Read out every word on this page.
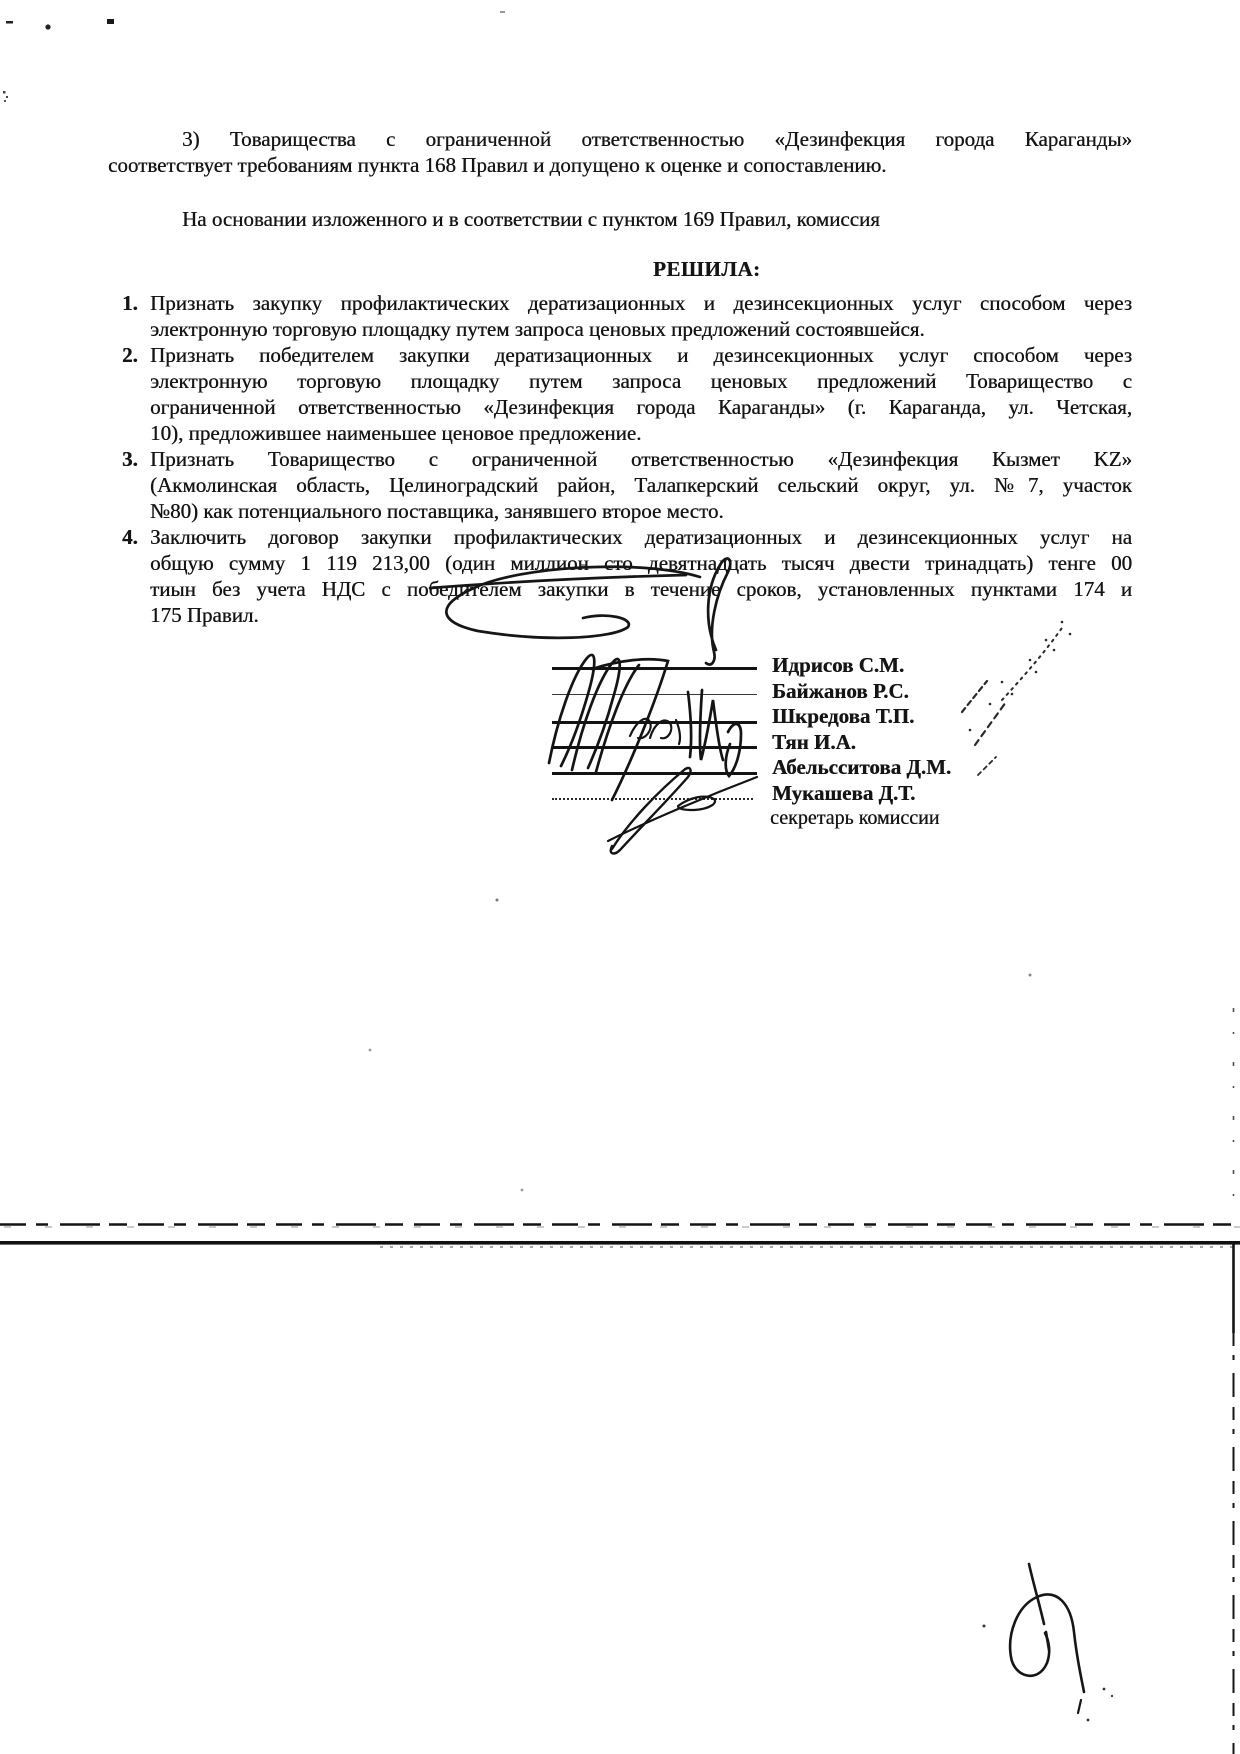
3) Товарищества с ограниченной ответственностью «Дезинфекция города Караганды»
соответствует требованиям пункта 168 Правил и допущено к оценке и сопоставлению.
На основании изложенного и в соответствии с пунктом 169 Правил, комиссия
РЕШИЛА:
1. Признать закупку профилактических дератизационных и дезинсекционных услуг способом через
электронную торговую площадку путем запроса ценовых предложений состоявшейся.
2. Признать победителем закупки дератизационных и дезинсекционных услуг способом через
электронную торговую площадку путем запроса ценовых предложений Товарищество с
ограниченной ответственностью «Дезинфекция города Караганды» (г. Караганда, ул. Четская,
10), предложившее наименьшее ценовое предложение.
3. Признать Товарищество с ограниченной ответственностью «Дезинфекция Кызмет KZ»
(Акмолинская область, Целиноградский район, Талапкерский сельский округ, ул. №7, участок
№80) как потенциального поставщика, занявшего второе место.
4. Заключить договор закупки профилактических дератизационных и дезинсекционных услуг на
общую сумму 1 119 213,00 (один миллион сто девятнадцать тысяч двести тринадцать) тенге 00
тиын без учета НДС с победителем закупки в течение сроков, установленных пунктами 174 и
175 Правил.
Идрисов С.М.
Байжанов Р.С.
Шкредова Т.П.
Тян И.А.
Абельсситова Д.М.
Мукашева Д.Т.
секретарь комиссии
